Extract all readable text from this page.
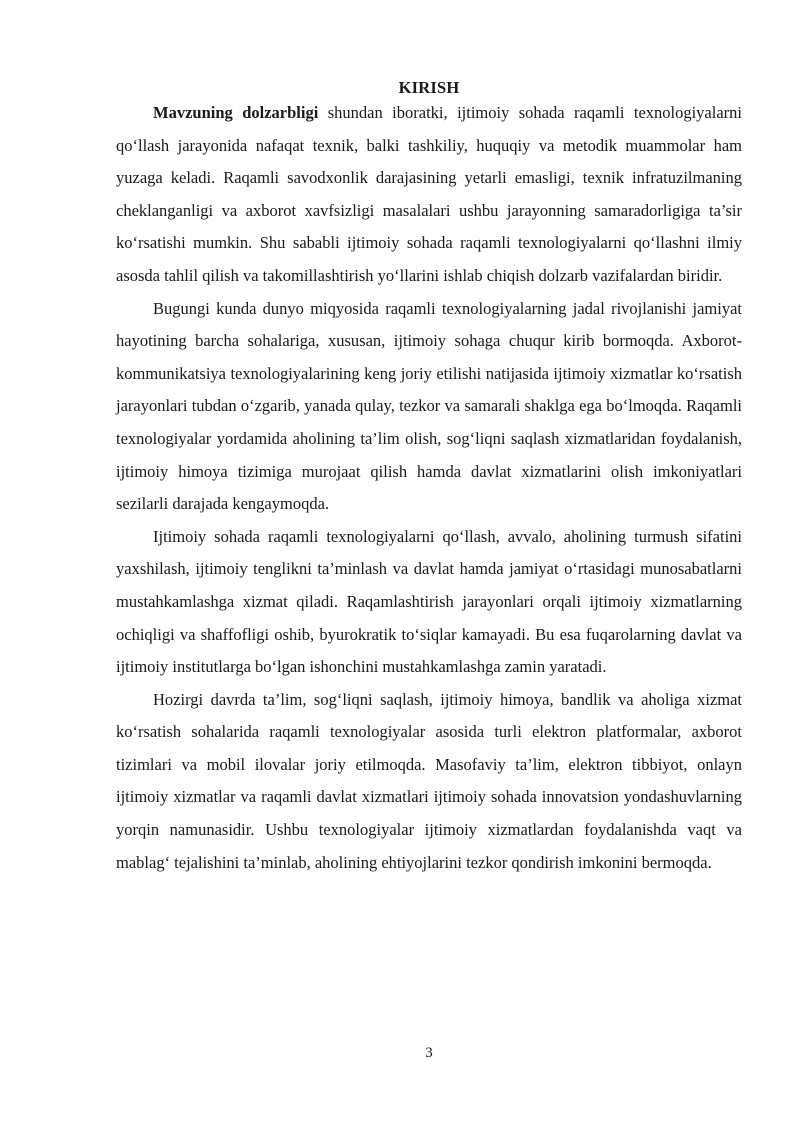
KIRISH

Mavzuning dolzarbligi shundan iboratki, ijtimoiy sohada raqamli texnologiyalarni qo‘llash jarayonida nafaqat texnik, balki tashkiliy, huquqiy va metodik muammolar ham yuzaga keladi. Raqamli savodxonlik darajasining yetarli emasligi, texnik infratuzilmaning cheklanganligi va axborot xavfsizligi masalalari ushbu jarayonning samaradorligiga ta’sir ko‘rsatishi mumkin. Shu sababli ijtimoiy sohada raqamli texnologiyalarni qo‘llashni ilmiy asosda tahlil qilish va takomillashtirish yo‘llarini ishlab chiqish dolzarb vazifalardan biridir.

Bugungi kunda dunyo miqyosida raqamli texnologiyalarning jadal rivojlanishi jamiyat hayotining barcha sohalariga, xususan, ijtimoiy sohaga chuqur kirib bormoqda. Axborot-kommunikatsiya texnologiyalarining keng joriy etilishi natijasida ijtimoiy xizmatlar ko‘rsatish jarayonlari tubdan o‘zgarib, yanada qulay, tezkor va samarali shaklga ega bo‘lmoqda. Raqamli texnologiyalar yordamida aholining ta’lim olish, sog‘liqni saqlash xizmatlaridan foydalanish, ijtimoiy himoya tizimiga murojaat qilish hamda davlat xizmatlarini olish imkoniyatlari sezilarli darajada kengaymoqda.

Ijtimoiy sohada raqamli texnologiyalarni qo‘llash, avvalo, aholining turmush sifatini yaxshilash, ijtimoiy tenglikni ta’minlash va davlat hamda jamiyat o‘rtasidagi munosabatlarni mustahkamlashga xizmat qiladi. Raqamlashtirish jarayonlari orqali ijtimoiy xizmatlarning ochiqligi va shaffofligi oshib, byurokratik to‘siqlar kamayadi. Bu esa fuqarolarning davlat va ijtimoiy institutlarga bo‘lgan ishonchini mustahkamlashga zamin yaratadi.

Hozirgi davrda ta’lim, sog‘liqni saqlash, ijtimoiy himoya, bandlik va aholiga xizmat ko‘rsatish sohalarida raqamli texnologiyalar asosida turli elektron platformalar, axborot tizimlari va mobil ilovalar joriy etilmoqda. Masofaviy ta’lim, elektron tibbiyot, onlayn ijtimoiy xizmatlar va raqamli davlat xizmatlari ijtimoiy sohada innovatsion yondashuvlarning yorqin namunasidir. Ushbu texnologiyalar ijtimoiy xizmatlardan foydalanishda vaqt va mablag‘ tejalishini ta’minlab, aholining ehtiyojlarini tezkor qondirish imkonini bermoqda.

3
